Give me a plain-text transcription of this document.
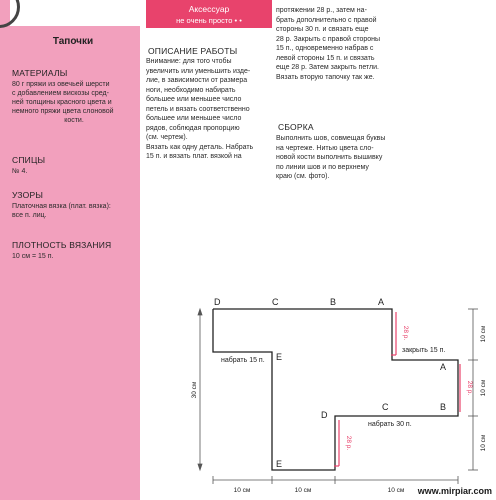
Тапочки
МАТЕРИАЛЫ
80 г пряжи из овечьей шерсти
с добавлением вискозы сред-
ней толщины красного цвета и
немного пряжи цвета слоновой
кости.
СПИЦЫ
№ 4.
УЗОРЫ
Платочная вязка (плат. вязка):
все п. лиц.
ПЛОТНОСТЬ ВЯЗАНИЯ
10 см = 15 п.
Аксессуар
не очень просто • •
ОПИСАНИЕ РАБОТЫ
Внимание: для того чтобы
увеличить или уменьшить изде-
лие, в зависимости от размера
ноги, необходимо набирать
большее или меньшее число
петель и вязать соответственно
большее или меньшее число
рядов, соблюдая пропорцию
(см. чертеж).
Вязать как одну деталь. Набрать
15 п. и вязать плат. вязкой на
протяжении 28 р., затем на-
брать дополнительно с правой
стороны 30 п. и связать еще
28 р. Закрыть с правой стороны
15 п., одновременно набрав с
левой стороны 15 п. и связать
еще 28 р. Затем закрыть петли.
Вязать вторую тапочку так же.
СБОРКА
Выполнить шов, совмещая буквы
на чертеже. Нитью цвета сло-
новой кости выполнить вышивку
по линии шов и по верхнему
краю (см. фото).
D	C	B	A
E
A
B
D
C
E
набрать 15 п.
закрыть 15 п.
набрать 30 п.
28 р.
28 р.
28 р.
30 см
10 см
10 см
10 см
10 см	10 см	10 см www.mirpiar.com
